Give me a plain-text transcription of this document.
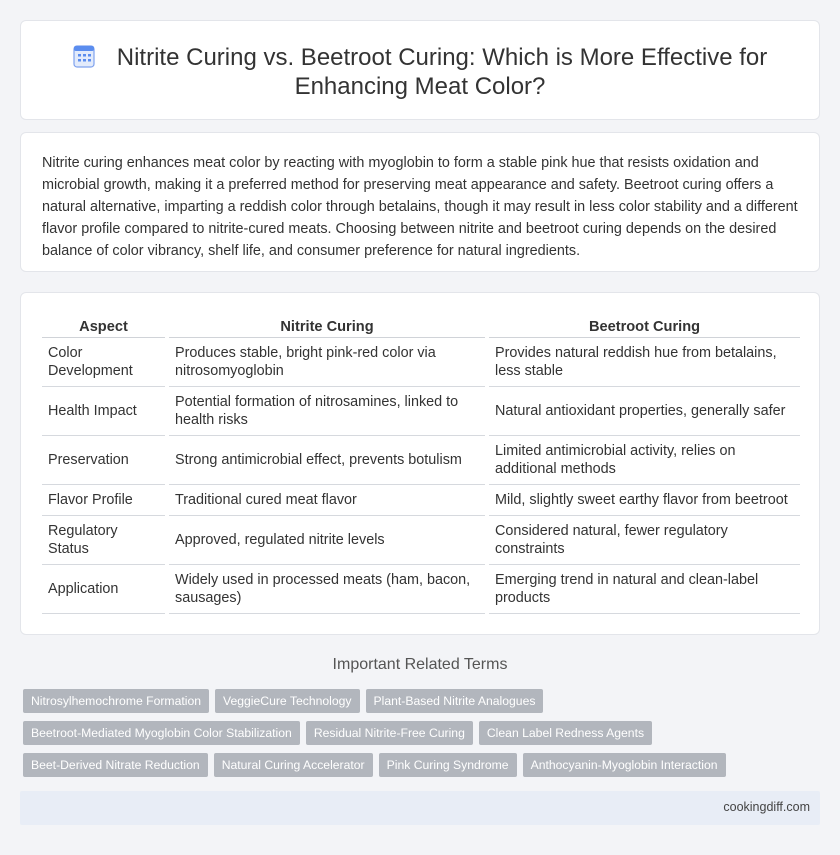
Nitrite Curing vs. Beetroot Curing: Which is More Effective for
Enhancing Meat Color?

Nitrite curing enhances meat color by reacting with myoglobin to form a stable pink hue that resists oxidation and microbial growth, making it a preferred method for preserving meat appearance and safety. Beetroot curing offers a natural alternative, imparting a reddish color through betalains, though it may result in less color stability and a different flavor profile compared to nitrite-cured meats. Choosing between nitrite and beetroot curing depends on the desired balance of color vibrancy, shelf life, and consumer preference for natural ingredients.

Aspect	Nitrite Curing	Beetroot Curing
Color Development	Produces stable, bright pink-red color via nitrosomyoglobin	Provides natural reddish hue from betalains, less stable
Health Impact	Potential formation of nitrosamines, linked to health risks	Natural antioxidant properties, generally safer
Preservation	Strong antimicrobial effect, prevents botulism	Limited antimicrobial activity, relies on additional methods
Flavor Profile	Traditional cured meat flavor	Mild, slightly sweet earthy flavor from beetroot
Regulatory Status	Approved, regulated nitrite levels	Considered natural, fewer regulatory constraints
Application	Widely used in processed meats (ham, bacon, sausages)	Emerging trend in natural and clean-label products
Important Related Terms
Nitrosylhemochrome Formation VeggieCure Technology Plant-Based Nitrite Analogues
Beetroot-Mediated Myoglobin Color Stabilization Residual Nitrite-Free Curing Clean Label Redness Agents
Beet-Derived Nitrate Reduction Natural Curing Accelerator Pink Curing Syndrome Anthocyanin-Myoglobin Interaction
cookingdiff.com
